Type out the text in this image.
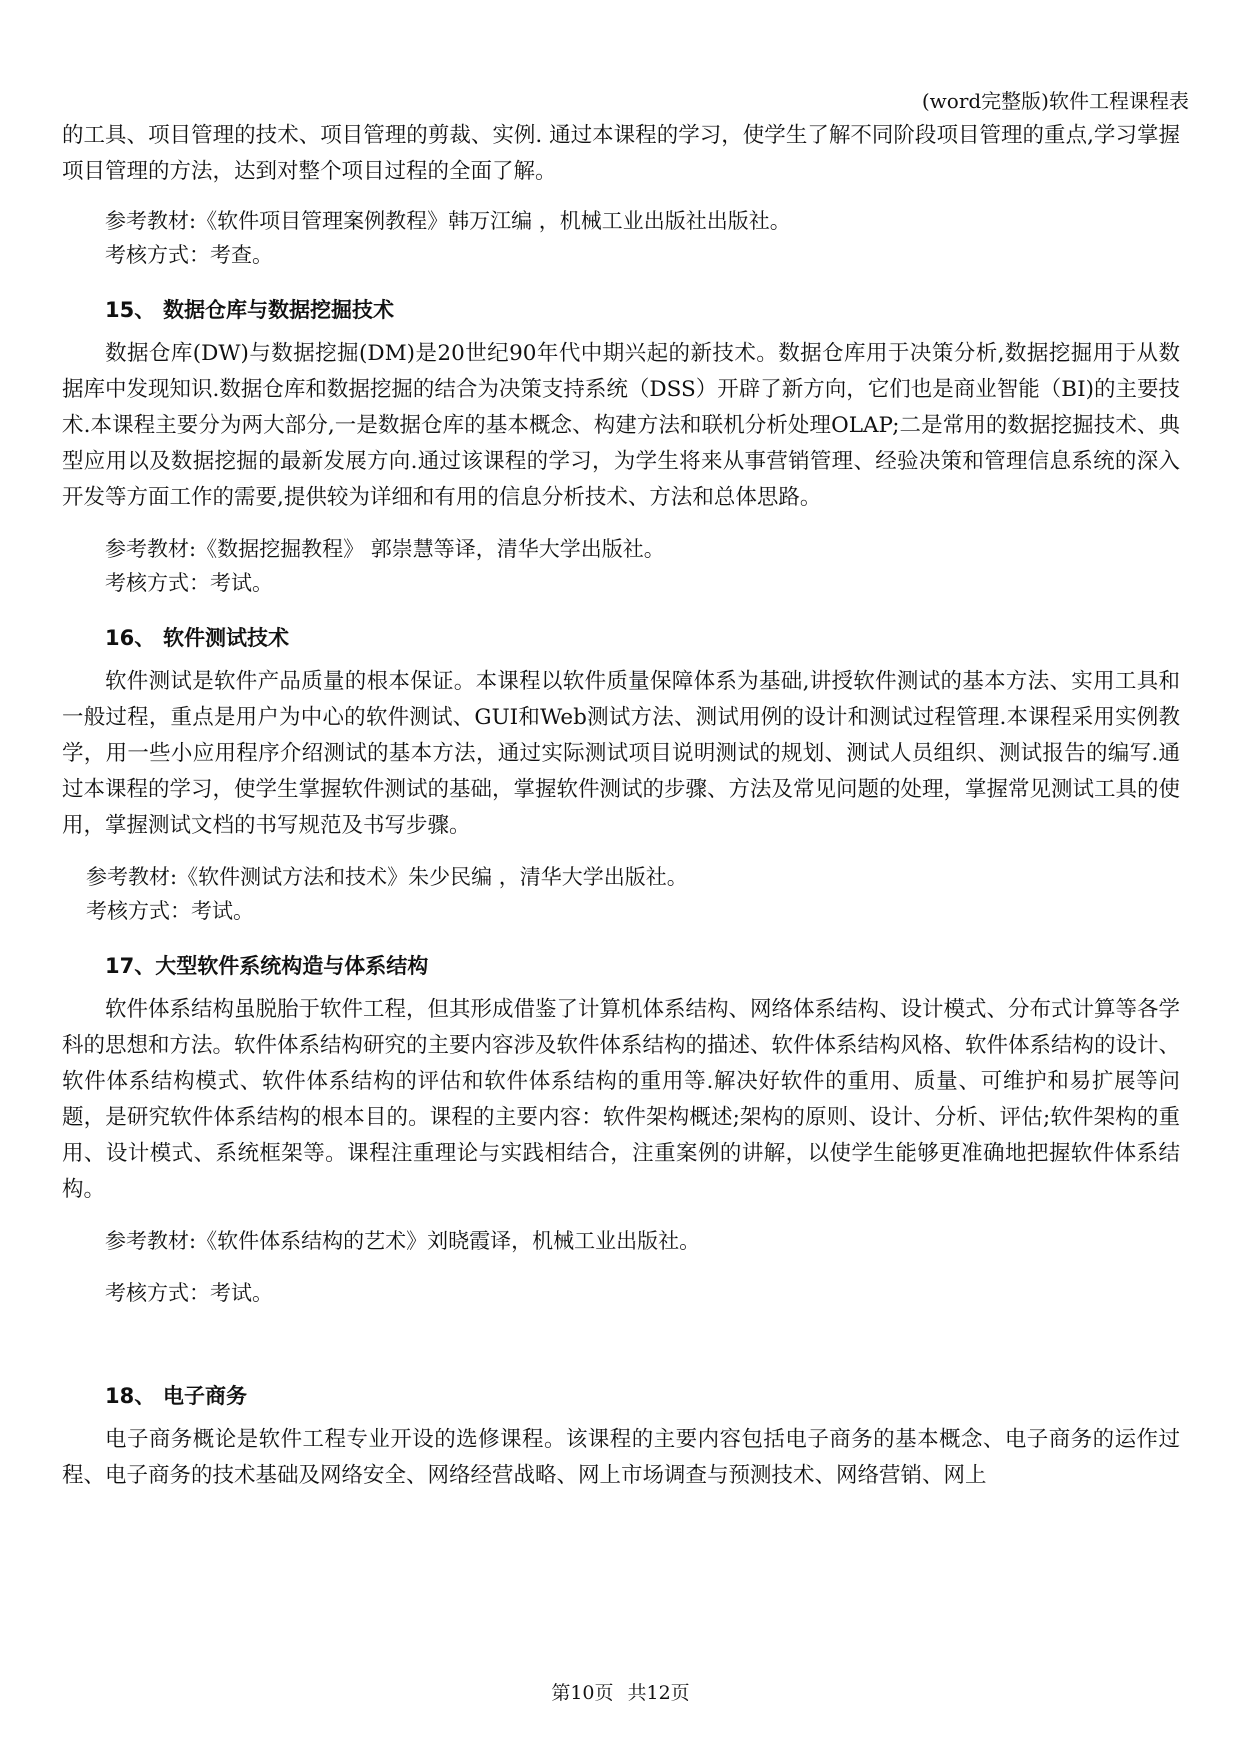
(word完整版)软件工程课程表

的工具、项目管理的技术、项目管理的剪裁、实例. 通过本课程的学习，使学生了解不同阶段项目管理的重点,学习掌握项目管理的方法，达到对整个项目过程的全面了解。

参考教材:《软件项目管理案例教程》韩万江编 ，机械工业出版社出版社。

考核方式：考查。

15、 数据仓库与数据挖掘技术

数据仓库(DW)与数据挖掘(DM)是20世纪90年代中期兴起的新技术。数据仓库用于决策分析,数据挖掘用于从数据库中发现知识.数据仓库和数据挖掘的结合为决策支持系统（DSS）开辟了新方向，它们也是商业智能（BI)的主要技术.本课程主要分为两大部分,一是数据仓库的基本概念、构建方法和联机分析处理OLAP;二是常用的数据挖掘技术、典型应用以及数据挖掘的最新发展方向.通过该课程的学习，为学生将来从事营销管理、经验决策和管理信息系统的深入开发等方面工作的需要,提供较为详细和有用的信息分析技术、方法和总体思路。

参考教材:《数据挖掘教程》 郭崇慧等译，清华大学出版社。

考核方式：考试。

16、 软件测试技术

软件测试是软件产品质量的根本保证。本课程以软件质量保障体系为基础,讲授软件测试的基本方法、实用工具和一般过程，重点是用户为中心的软件测试、GUI和Web测试方法、测试用例的设计和测试过程管理.本课程采用实例教学，用一些小应用程序介绍测试的基本方法，通过实际测试项目说明测试的规划、测试人员组织、测试报告的编写.通过本课程的学习，使学生掌握软件测试的基础，掌握软件测试的步骤、方法及常见问题的处理，掌握常见测试工具的使用，掌握测试文档的书写规范及书写步骤。

参考教材:《软件测试方法和技术》朱少民编 ，清华大学出版社。

考核方式：考试。

17、大型软件系统构造与体系结构

软件体系结构虽脱胎于软件工程，但其形成借鉴了计算机体系结构、网络体系结构、设计模式、分布式计算等各学科的思想和方法。软件体系结构研究的主要内容涉及软件体系结构的描述、软件体系结构风格、软件体系结构的设计、软件体系结构模式、软件体系结构的评估和软件体系结构的重用等.解决好软件的重用、质量、可维护和易扩展等问题，是研究软件体系结构的根本目的。课程的主要内容：软件架构概述;架构的原则、设计、分析、评估;软件架构的重用、设计模式、系统框架等。课程注重理论与实践相结合，注重案例的讲解，以使学生能够更准确地把握软件体系结构。

参考教材:《软件体系结构的艺术》刘晓霞译，机械工业出版社。

考核方式：考试。

18、 电子商务

电子商务概论是软件工程专业开设的选修课程。该课程的主要内容包括电子商务的基本概念、电子商务的运作过程、电子商务的技术基础及网络安全、网络经营战略、网上市场调查与预测技术、网络营销、网上

第10页 共12页
